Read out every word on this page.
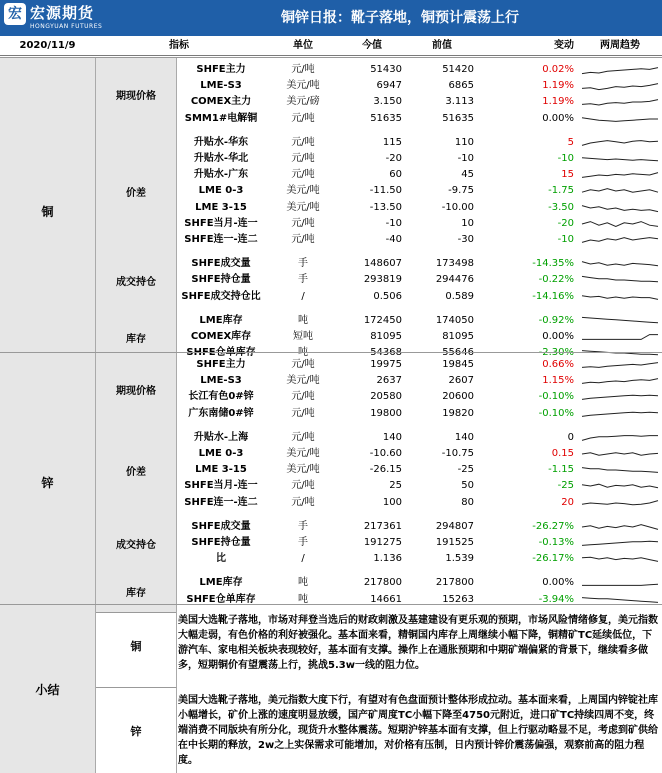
宏 宏源期货
HONGYUAN FUTURES
铜锌日报：靴子落地，铜预计震荡上行
2020/11/9	指标	单位	今值	前值	变动	两周趋势
期现价格
SHFE主力	元/吨	51430	51420	0.02%
LME-S3	美元/吨	6947	6865	1.19%
COMEX主力	美元/磅	3.150	3.113	1.19%
SMM1#电解铜	元/吨	51635	51635	0.00%
价差
升贴水-华东	元/吨	115	110	5
升贴水-华北	元/吨	-20	-10	-10
升贴水-广东	元/吨	60	45	15
LME 0-3	美元/吨	-11.50	-9.75	-1.75
LME 3-15	美元/吨	-13.50	-10.00	-3.50
SHFE当月-连一	元/吨	-10	10	-20
SHFE连一-连二	元/吨	-40	-30	-10
成交持仓
SHFE成交量	手	148607	173498	-14.35%
SHFE持仓量	手	293819	294476	-0.22%
SHFE成交持仓比	/	0.506	0.589	-14.16%
库存
LME库存	吨	172450	174050	-0.92%
COMEX库存	短吨	81095	81095	0.00%
SHFE仓单库存	吨	54368	55646	-2.30%
铜
期现价格
SHFE主力	元/吨	19975	19845	0.66%
LME-S3	美元/吨	2637	2607	1.15%
长江有色0#锌	元/吨	20580	20600	-0.10%
广东南储0#锌	元/吨	19800	19820	-0.10%
价差
升贴水-上海	元/吨	140	140	0
LME 0-3	美元/吨	-10.60	-10.75	0.15
LME 3-15	美元/吨	-26.15	-25	-1.15
SHFE当月-连一	元/吨	25	50	-25
SHFE连一-连二	元/吨	100	80	20
成交持仓
SHFE成交量	手	217361	294807	-26.27%
SHFE持仓量	手	191275	191525	-0.13%
比	/	1.136	1.539	-26.17%
库存
LME库存	吨	217800	217800	0.00%
SHFE仓单库存	吨	14661	15263	-3.94%
锌
小结
铜
美国大选靴子落地，市场对拜登当选后的财政刺激及基建建设有更乐观的预期，市场风险情绪修复，美元指数大幅走弱，有色价格的利好被强化。基本面来看，精铜国内库存上周继续小幅下降，铜精矿TC延续低位，下游汽车、家电相关板块表现较好，基本面有支撑。操作上在通胀预期和中期矿端偏紧的背景下，继续看多做多，短期铜价有望震荡上行，挑战5.3w一线的阻力位。
锌
美国大选靴子落地，美元指数大度下行，有望对有色盘面预计整体形成拉动。基本面来看，上周国内锌锭社库小幅增长，矿价上涨的速度明显放缓，国产矿周度TC小幅下降至4750元附近，进口矿TC持续四周不变，终端消费不同版块有所分化，现货升水整体震荡。短期沪锌基本面有支撑，但上行驱动略显不足，考虑到矿供给在中长期的释放，2w之上实保需求可能增加，对价格有压制，日内预计锌价震荡偏强，观察前高的阻力程度。
